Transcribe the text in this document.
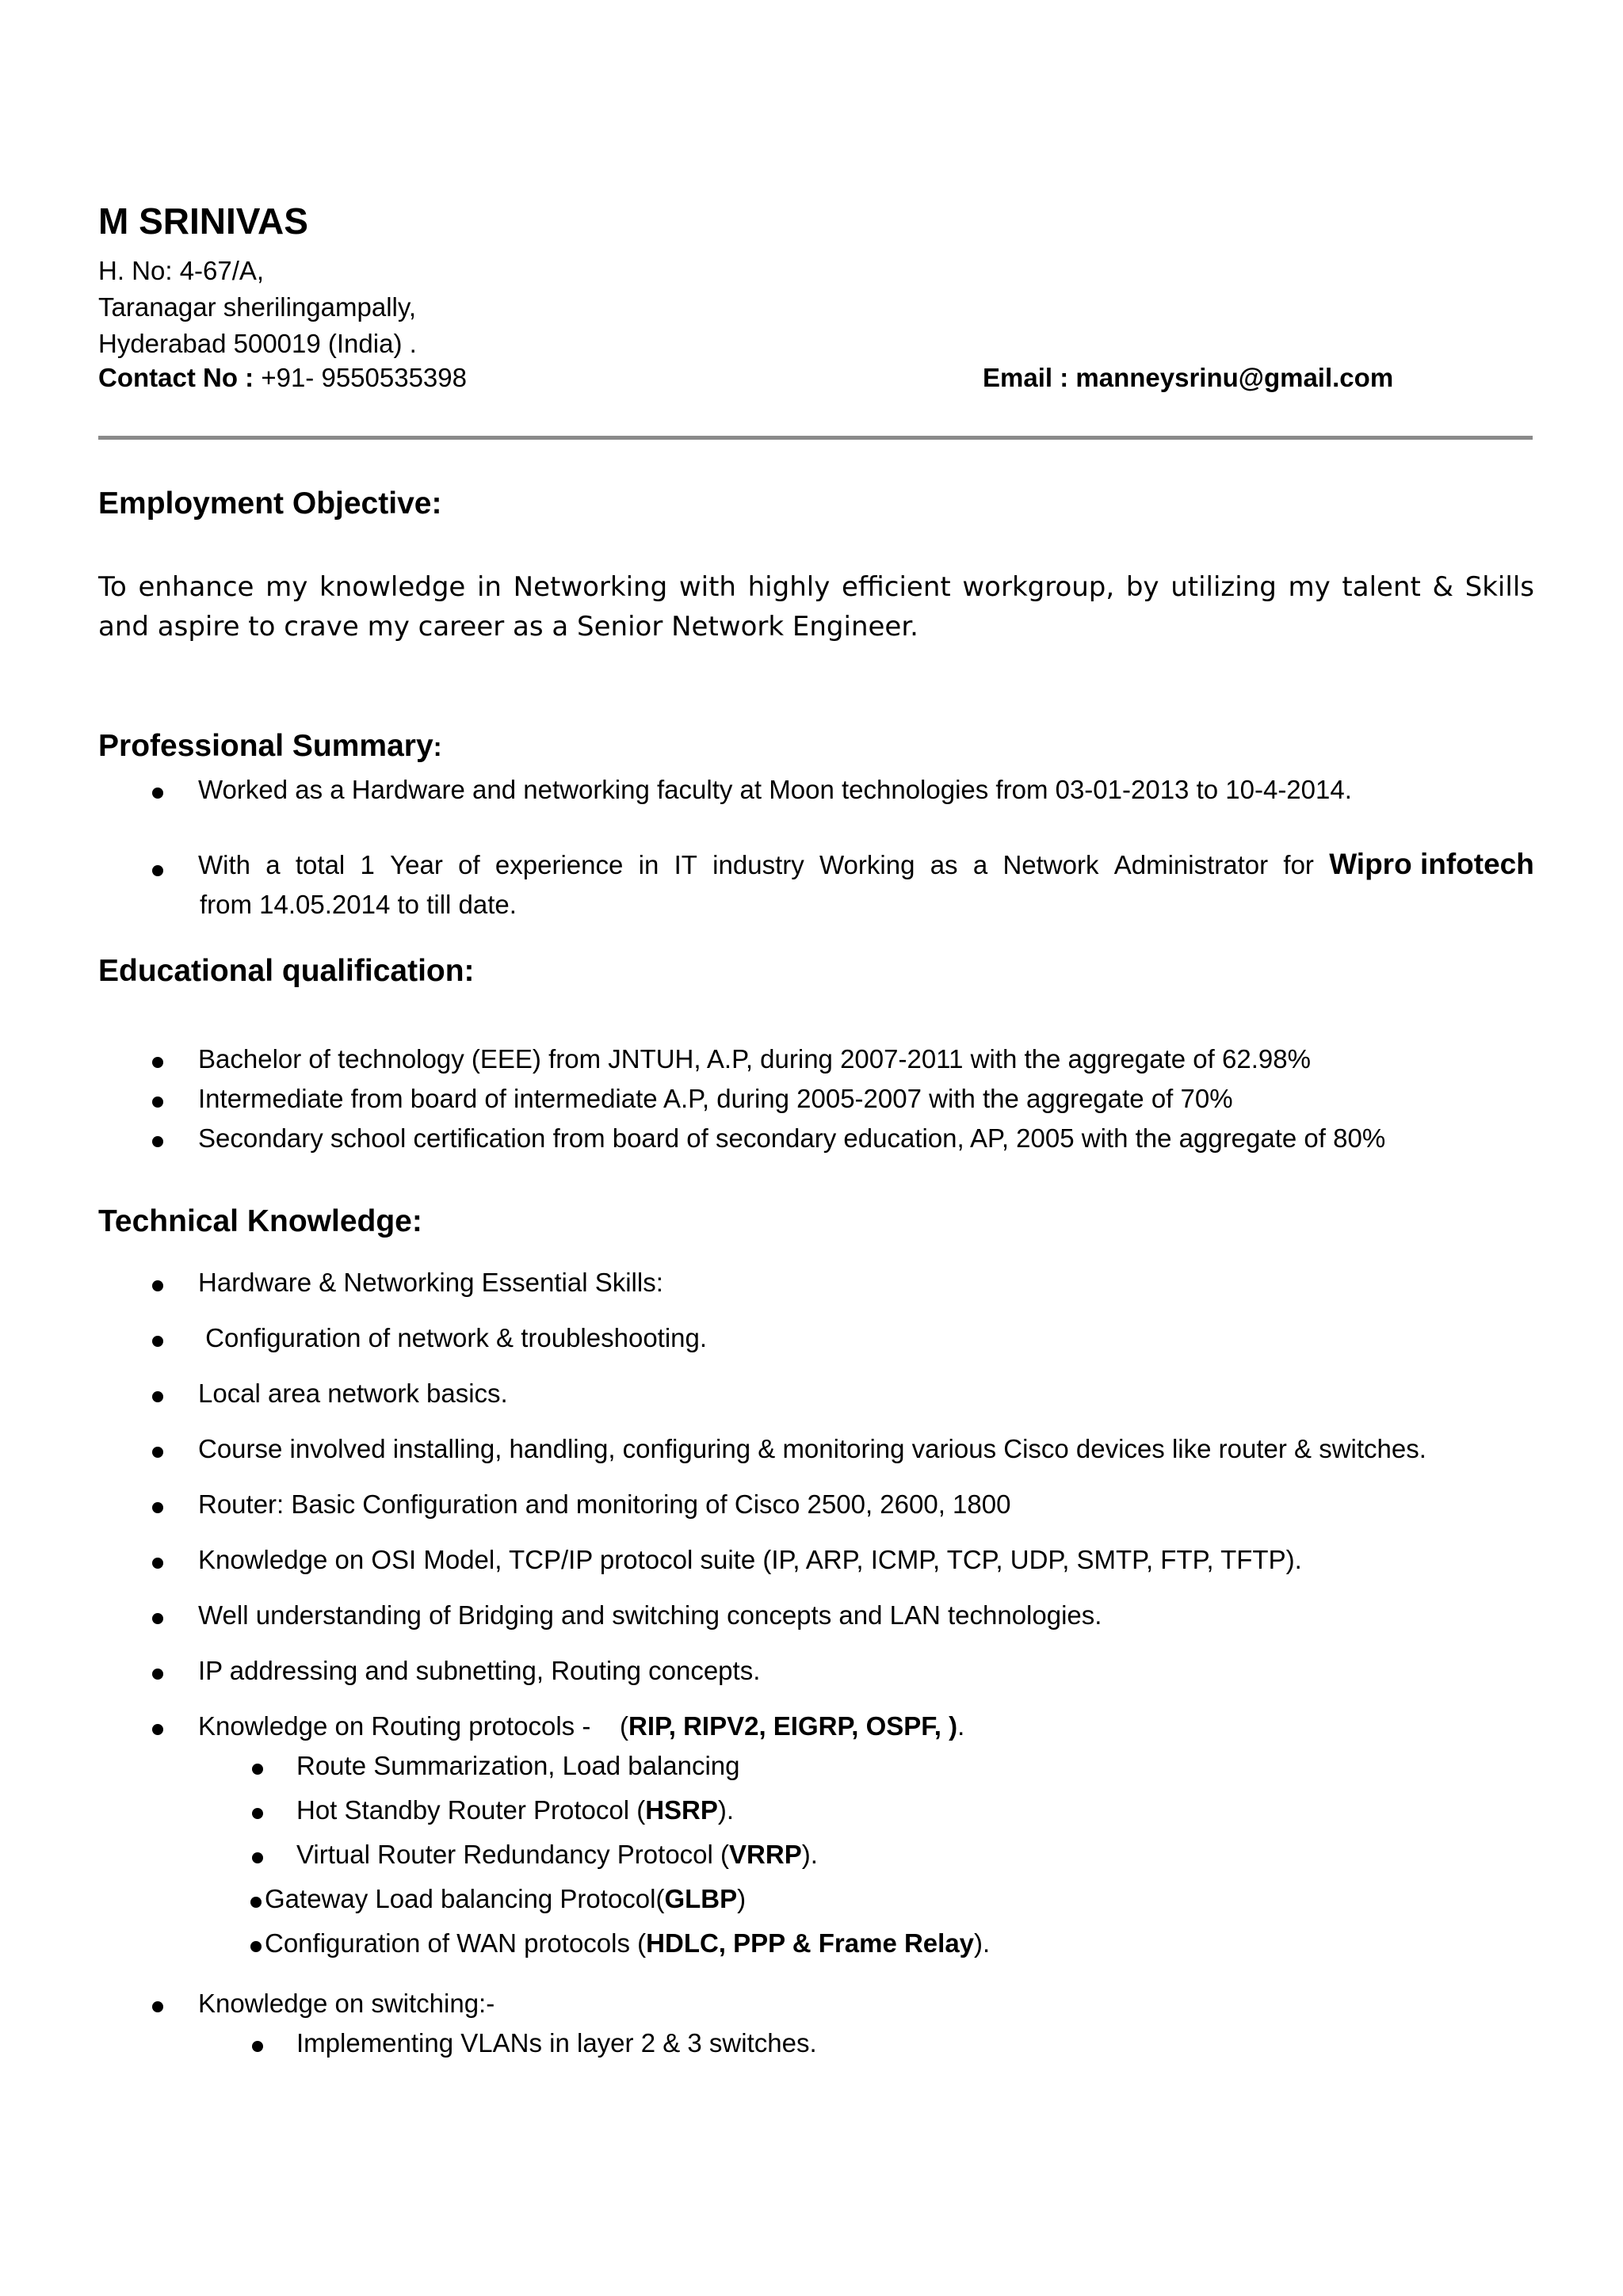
M SRINIVAS
H. No: 4-67/A,
Taranagar sherilingampally,
Hyderabad 500019 (India) .
Contact No : +91- 9550535398	Email : manneysrinu@gmail.com
Employment Objective:
To enhance my knowledge in Networking with highly efficient workgroup, by utilizing my talent & Skills and aspire to crave my career as a Senior Network Engineer.
Professional Summary:
Worked as a Hardware and networking faculty at Moon technologies from 03-01-2013 to 10-4-2014.
With a total 1 Year of experience in IT industry Working as a Network Administrator for Wipro infotech
from 14.05.2014 to till date.
Educational qualification:
Bachelor of technology (EEE) from JNTUH, A.P, during 2007-2011 with the aggregate of 62.98%
Intermediate from board of intermediate A.P, during 2005-2007 with the aggregate of 70%
Secondary school certification from board of secondary education, AP, 2005 with the aggregate of 80%
Technical Knowledge:
Hardware & Networking Essential Skills:
Configuration of network & troubleshooting.
Local area network basics.
Course involved installing, handling, configuring & monitoring various Cisco devices like router & switches.
Router: Basic Configuration and monitoring of Cisco 2500, 2600, 1800
Knowledge on OSI Model, TCP/IP protocol suite (IP, ARP, ICMP, TCP, UDP, SMTP, FTP, TFTP).
Well understanding of Bridging and switching concepts and LAN technologies.
IP addressing and subnetting, Routing concepts.
Knowledge on Routing protocols -    (RIP, RIPV2, EIGRP, OSPF, ).
Route Summarization, Load balancing
Hot Standby Router Protocol (HSRP).
Virtual Router Redundancy Protocol (VRRP).
Gateway Load balancing Protocol(GLBP)
Configuration of WAN protocols (HDLC, PPP & Frame Relay).
Knowledge on switching:-
Implementing VLANs in layer 2 & 3 switches.
